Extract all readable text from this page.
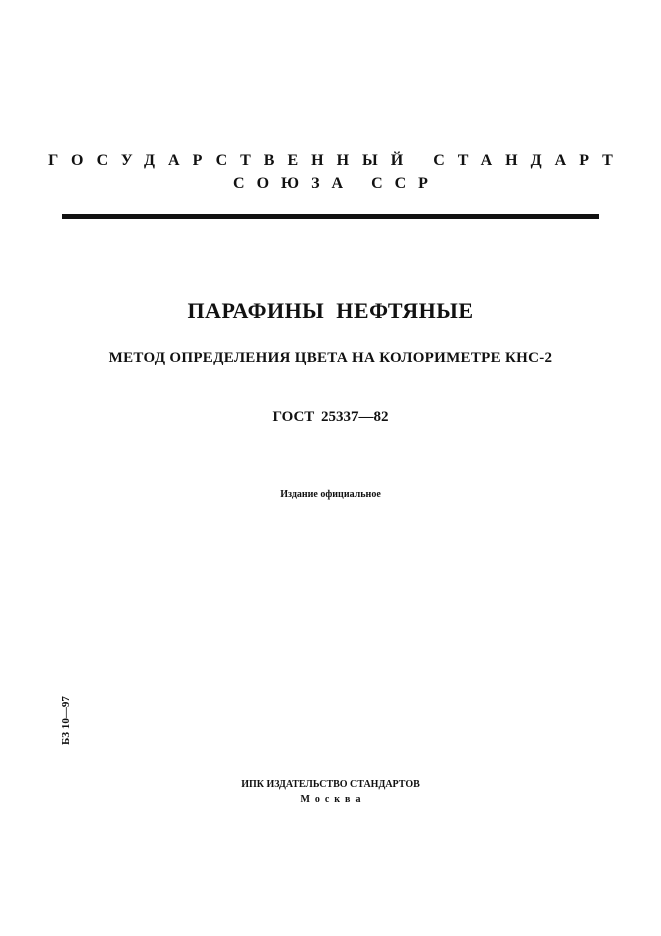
ГОСУДАРСТВЕННЫЙ СТАНДАРТ
СОЮЗА ССР
ПАРАФИНЫ НЕФТЯНЫЕ
МЕТОД ОПРЕДЕЛЕНИЯ ЦВЕТА НА КОЛОРИМЕТРЕ КНС-2
ГОСТ 25337—82
Издание официальное
БЗ 10—97
ИПК ИЗДАТЕЛЬСТВО СТАНДАРТОВ
Москва
